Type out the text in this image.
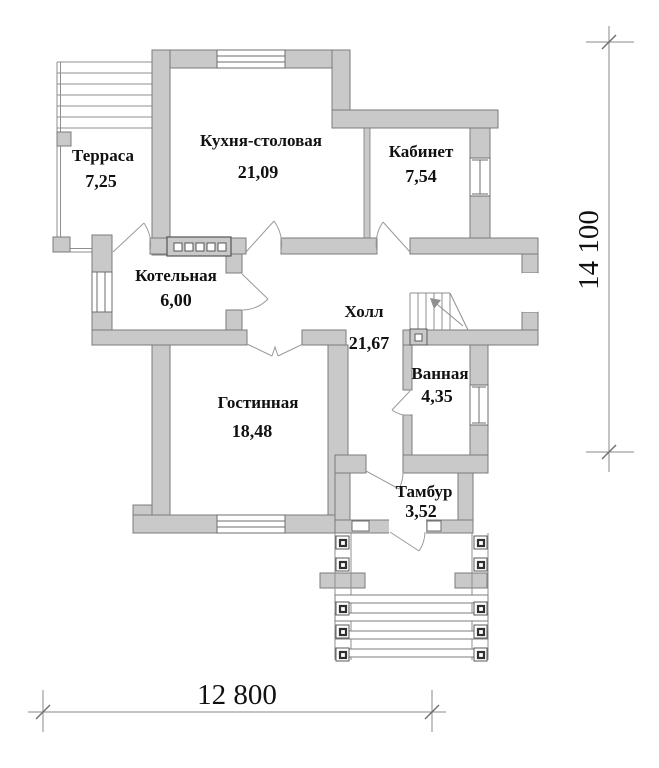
Терраса
7,25
Кухня-столовая
21,09
Кабинет
7,54
Котельная
6,00
Холл
21,67
Ванная
4,35
Гостинная
18,48
Тамбур
3,52
12 800
14 100
